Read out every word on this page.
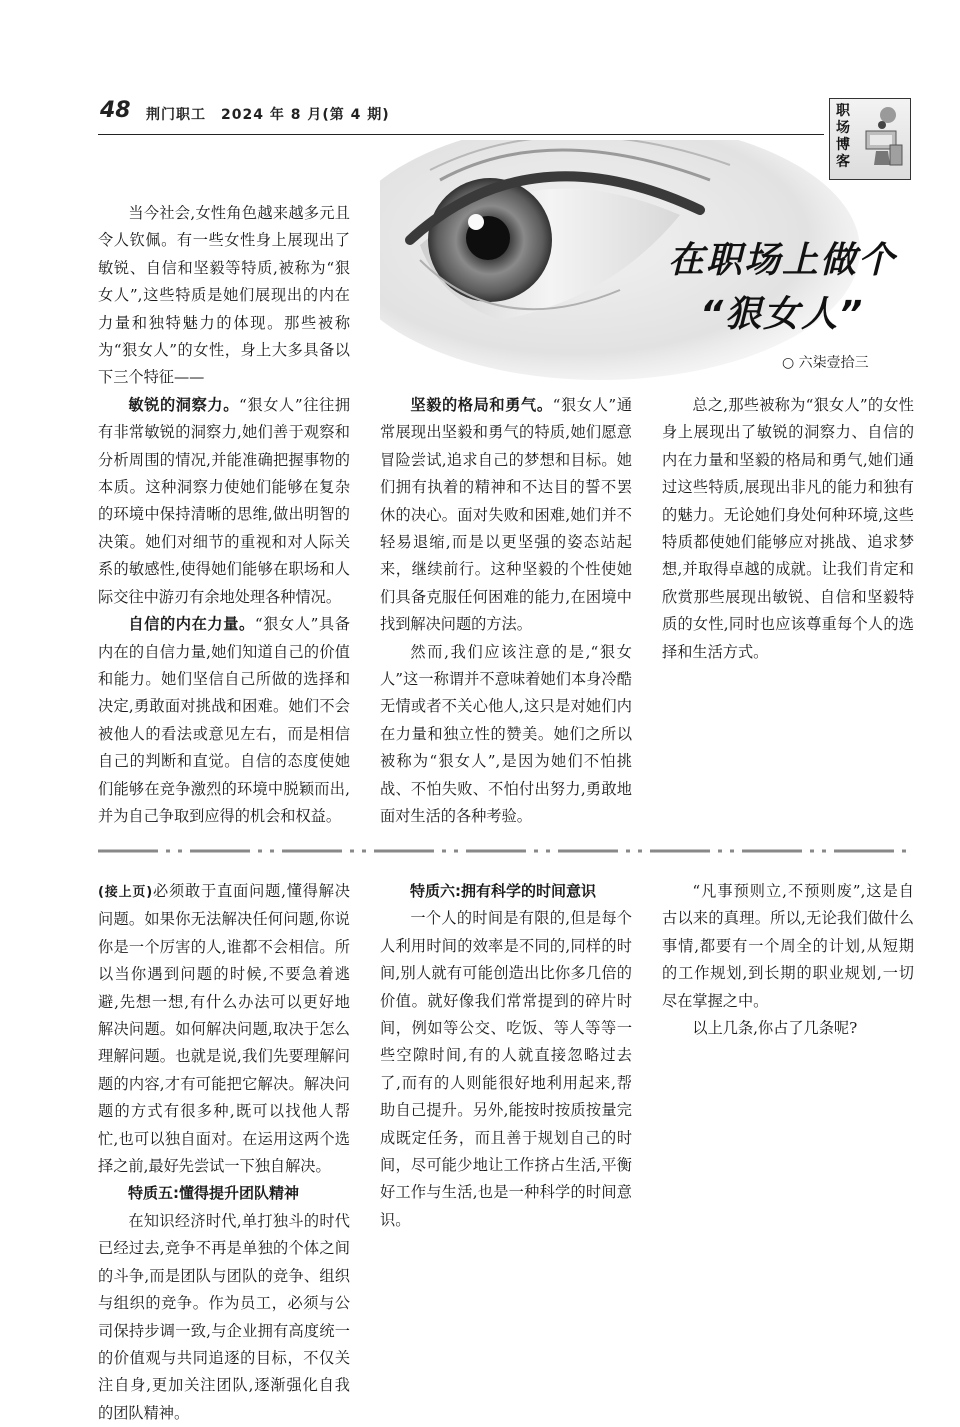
48 荆门职工　2024 年 8 月(第 4 期)	职场博客
在职场上做个
“狠女人”
○ 六柒壹拾三

当今社会,女性角色越来越多元且令人钦佩。有一些女性身上展现出了敏锐、自信和坚毅等特质,被称为“狠女人”,这些特质是她们展现出的内在力量和独特魅力的体现。那些被称为“狠女人”的女性，身上大多具备以下三个特征——

敏锐的洞察力。“狠女人”往往拥有非常敏锐的洞察力,她们善于观察和分析周围的情况,并能准确把握事物的本质。这种洞察力使她们能够在复杂的环境中保持清晰的思维,做出明智的决策。她们对细节的重视和对人际关系的敏感性,使得她们能够在职场和人际交往中游刃有余地处理各种情况。

自信的内在力量。“狠女人”具备内在的自信力量,她们知道自己的价值和能力。她们坚信自己所做的选择和决定,勇敢面对挑战和困难。她们不会被他人的看法或意见左右，而是相信自己的判断和直觉。自信的态度使她们能够在竞争激烈的环境中脱颖而出,并为自己争取到应得的机会和权益。

坚毅的格局和勇气。“狠女人”通常展现出坚毅和勇气的特质,她们愿意冒险尝试,追求自己的梦想和目标。她们拥有执着的精神和不达目的誓不罢休的决心。面对失败和困难,她们并不轻易退缩,而是以更坚强的姿态站起来，继续前行。这种坚毅的个性使她们具备克服任何困难的能力,在困境中找到解决问题的方法。

然而,我们应该注意的是,“狠女人”这一称谓并不意味着她们本身冷酷无情或者不关心他人,这只是对她们内在力量和独立性的赞美。她们之所以被称为“狠女人”,是因为她们不怕挑战、不怕失败、不怕付出努力,勇敢地面对生活的各种考验。

总之,那些被称为“狠女人”的女性身上展现出了敏锐的洞察力、自信的内在力量和坚毅的格局和勇气,她们通过这些特质,展现出非凡的能力和独有的魅力。无论她们身处何种环境,这些特质都使她们能够应对挑战、追求梦想,并取得卓越的成就。让我们肯定和欣赏那些展现出敏锐、自信和坚毅特质的女性,同时也应该尊重每个人的选择和生活方式。

(接上页)必须敢于直面问题,懂得解决问题。如果你无法解决任何问题,你说你是一个厉害的人,谁都不会相信。所以当你遇到问题的时候,不要急着逃避,先想一想,有什么办法可以更好地解决问题。如何解决问题,取决于怎么理解问题。也就是说,我们先要理解问题的内容,才有可能把它解决。解决问题的方式有很多种,既可以找他人帮忙,也可以独自面对。在运用这两个选择之前,最好先尝试一下独自解决。

特质五:懂得提升团队精神

在知识经济时代,单打独斗的时代已经过去,竞争不再是单独的个体之间的斗争,而是团队与团队的竞争、组织与组织的竞争。作为员工，必须与公司保持步调一致,与企业拥有高度统一的价值观与共同追逐的目标，不仅关注自身,更加关注团队,逐渐强化自我的团队精神。

特质六:拥有科学的时间意识

一个人的时间是有限的,但是每个人利用时间的效率是不同的,同样的时间,别人就有可能创造出比你多几倍的价值。就好像我们常常提到的碎片时间，例如等公交、吃饭、等人等等一些空隙时间,有的人就直接忽略过去了,而有的人则能很好地利用起来,帮助自己提升。另外,能按时按质按量完成既定任务，而且善于规划自己的时间，尽可能少地让工作挤占生活,平衡好工作与生活,也是一种科学的时间意识。

“凡事预则立,不预则废”,这是自古以来的真理。所以,无论我们做什么事情,都要有一个周全的计划,从短期的工作规划,到长期的职业规划,一切尽在掌握之中。

以上几条,你占了几条呢?
